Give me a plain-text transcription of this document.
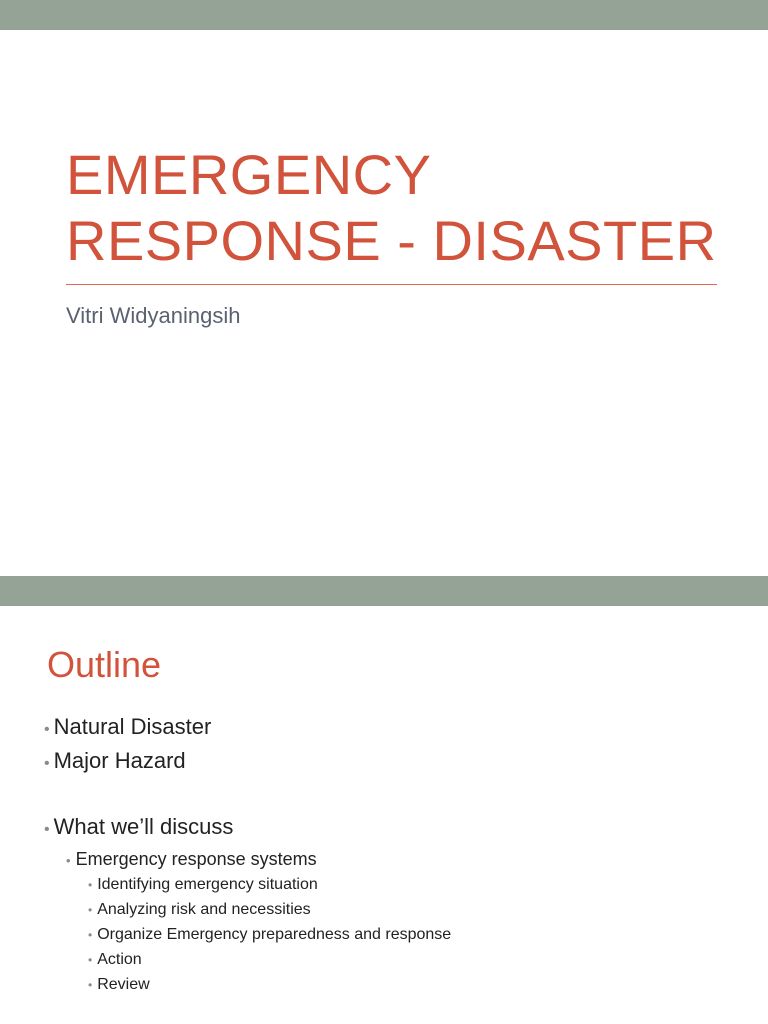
EMERGENCY
RESPONSE - DISASTER
Vitri Widyaningsih
Outline
• Natural Disaster
• Major Hazard
• What we’ll discuss
• Emergency response systems
• Identifying emergency situation
• Analyzing risk and necessities
• Organize Emergency preparedness and response
• Action
• Review
